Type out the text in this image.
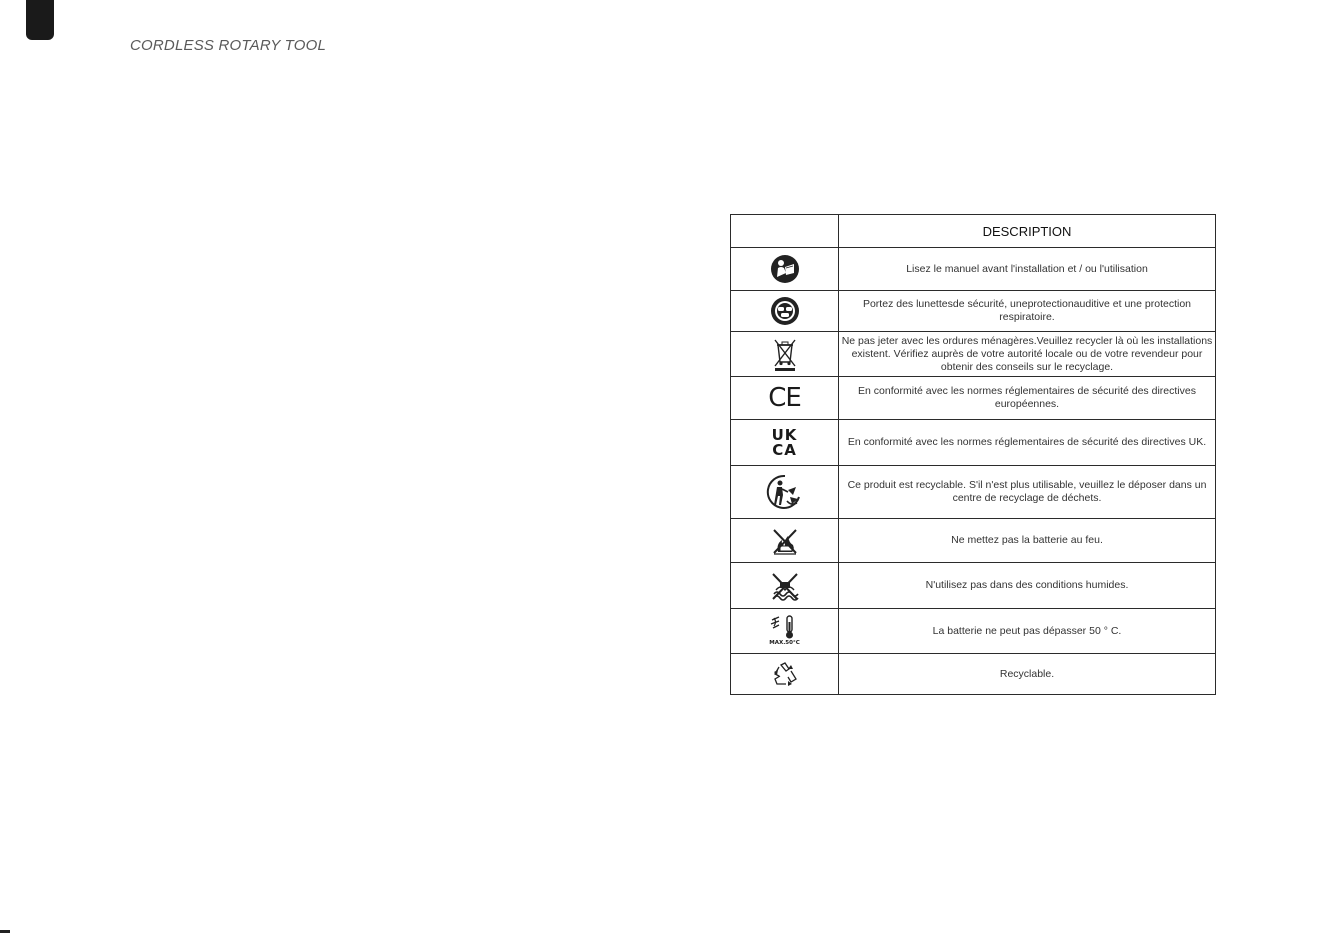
CORDLESS ROTARY TOOL
	DESCRIPTION

	Lisez le manuel avant l'installation et / ou l'utilisation

	Portez des lunettesde sécurité, uneprotectionauditive et une protection respiratoire.

	Ne pas jeter avec les ordures ménagères.Veuillez recycler là où les installations existent. Vérifiez auprès de votre autorité locale ou de votre revendeur pour obtenir des conseils sur le recyclage.
CE	En conformité avec les normes réglementaires de sécurité des directives européennes.

UK
CA	En conformité avec les normes réglementaires de sécurité des directives UK.

	Ce produit est recyclable. S'il n'est plus utilisable, veuillez le déposer dans un centre de recyclage de déchets.

	Ne mettez pas la batterie au feu.

	N'utilisez pas dans des conditions humides.

MAX.50°C	La batterie ne peut pas dépasser 50 ° C.

	Recyclable.
